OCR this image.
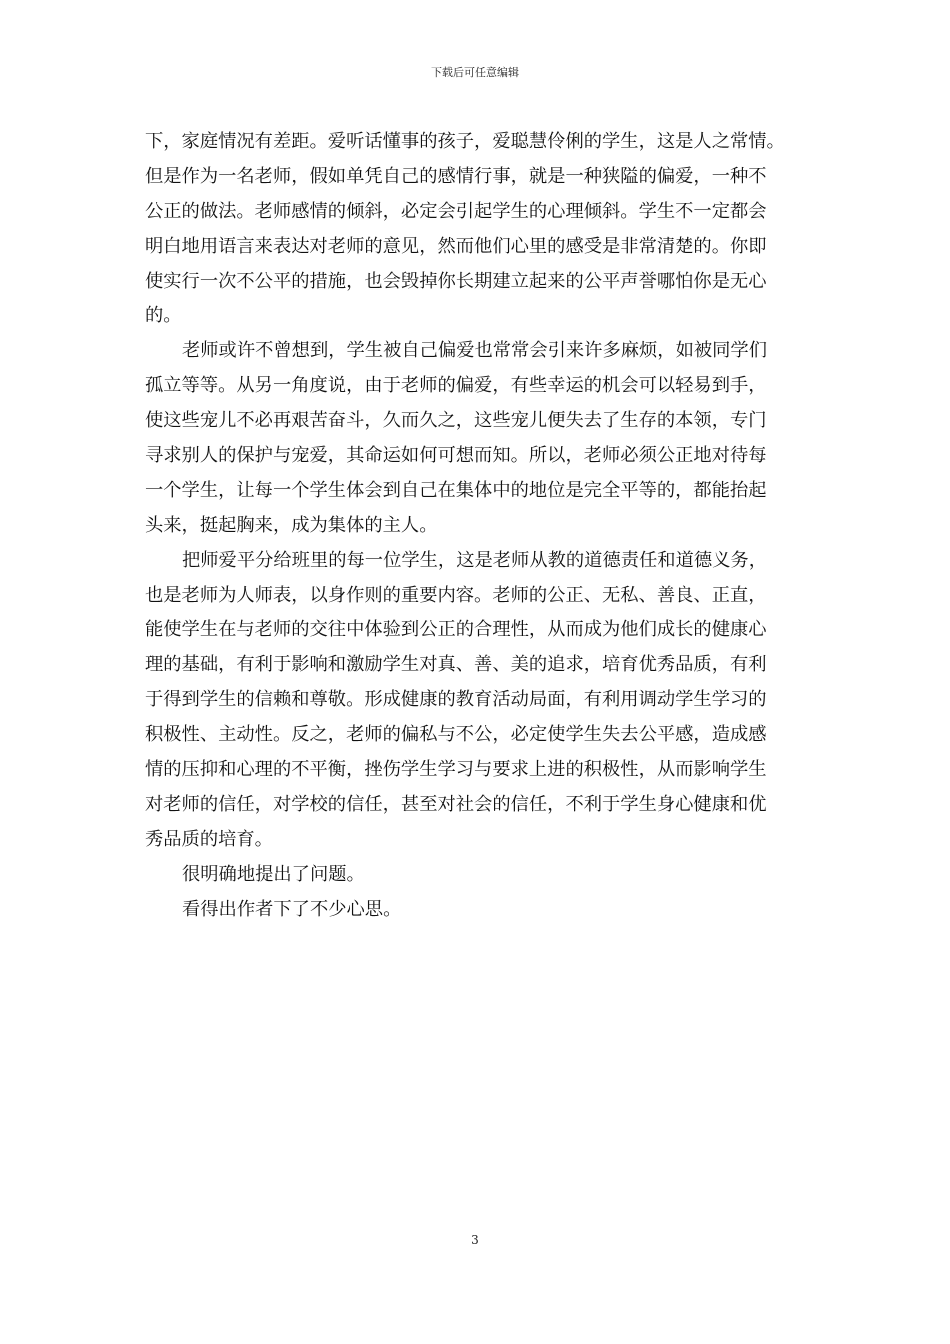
下载后可任意编辑
下，家庭情况有差距。爱听话懂事的孩子，爱聪慧伶俐的学生，这是人之常情。
但是作为一名老师，假如单凭自己的感情行事，就是一种狭隘的偏爱，一种不
公正的做法。老师感情的倾斜，必定会引起学生的心理倾斜。学生不一定都会
明白地用语言来表达对老师的意见，然而他们心里的感受是非常清楚的。你即
使实行一次不公平的措施，也会毁掉你长期建立起来的公平声誉哪怕你是无心
的。
老师或许不曾想到，学生被自己偏爱也常常会引来许多麻烦，如被同学们
孤立等等。从另一角度说，由于老师的偏爱，有些幸运的机会可以轻易到手，
使这些宠儿不必再艰苦奋斗，久而久之，这些宠儿便失去了生存的本领，专门
寻求别人的保护与宠爱，其命运如何可想而知。所以，老师必须公正地对待每
一个学生，让每一个学生体会到自己在集体中的地位是完全平等的，都能抬起
头来，挺起胸来，成为集体的主人。
把师爱平分给班里的每一位学生，这是老师从教的道德责任和道德义务，
也是老师为人师表，以身作则的重要内容。老师的公正、无私、善良、正直，
能使学生在与老师的交往中体验到公正的合理性，从而成为他们成长的健康心
理的基础，有利于影响和激励学生对真、善、美的追求，培育优秀品质，有利
于得到学生的信赖和尊敬。形成健康的教育活动局面，有利用调动学生学习的
积极性、主动性。反之，老师的偏私与不公，必定使学生失去公平感，造成感
情的压抑和心理的不平衡，挫伤学生学习与要求上进的积极性，从而影响学生
对老师的信任，对学校的信任，甚至对社会的信任，不利于学生身心健康和优
秀品质的培育。
很明确地提出了问题。
看得出作者下了不少心思。
3
